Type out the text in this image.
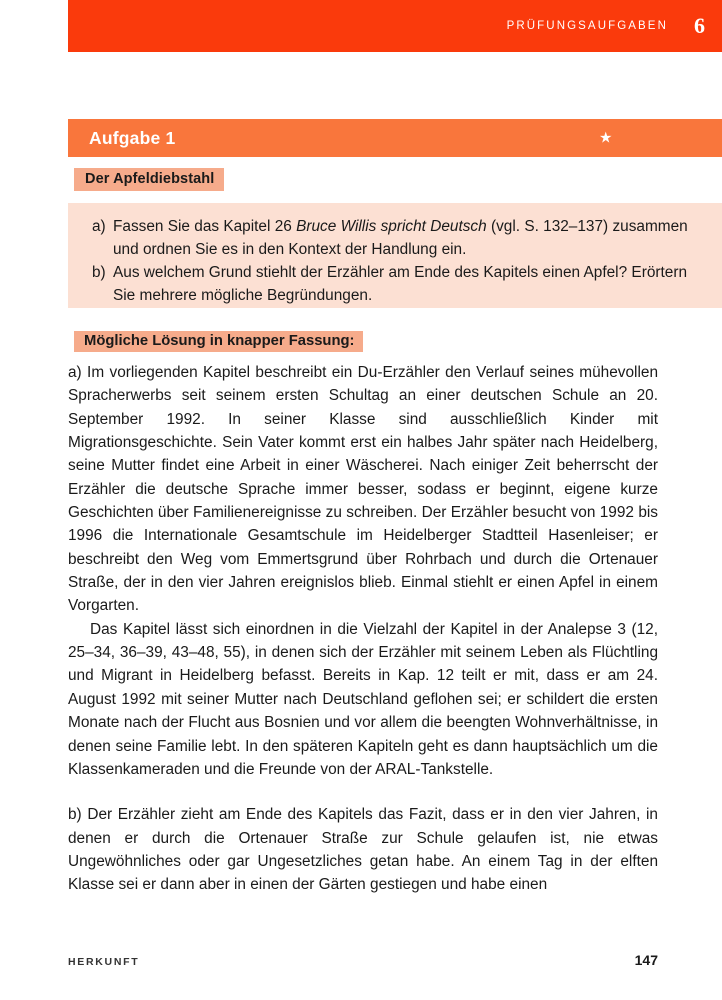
PRÜFUNGSAUFGABEN 6
Aufgabe 1	★
Der Apfeldiebstahl
a) Fassen Sie das Kapitel 26 Bruce Willis spricht Deutsch (vgl. S. 132–137) zusammen und ordnen Sie es in den Kontext der Handlung ein.
b) Aus welchem Grund stiehlt der Erzähler am Ende des Kapitels einen Apfel? Erörtern Sie mehrere mögliche Begründungen.
Mögliche Lösung in knapper Fassung:

a) Im vorliegenden Kapitel beschreibt ein Du-Erzähler den Verlauf seines mühevollen Spracherwerbs seit seinem ersten Schultag an einer deutschen Schule an 20. September 1992. In seiner Klasse sind ausschließlich Kinder mit Migrationsgeschichte. Sein Vater kommt erst ein halbes Jahr später nach Heidelberg, seine Mutter findet eine Arbeit in einer Wäscherei. Nach einiger Zeit beherrscht der Erzähler die deutsche Sprache immer besser, sodass er beginnt, eigene kurze Geschichten über Familienereignisse zu schreiben. Der Erzähler besucht von 1992 bis 1996 die Internationale Gesamtschule im Heidelberger Stadtteil Hasenleiser; er beschreibt den Weg vom Emmertsgrund über Rohrbach und durch die Ortenauer Straße, der in den vier Jahren ereignislos blieb. Einmal stiehlt er einen Apfel in einem Vorgarten.

Das Kapitel lässt sich einordnen in die Vielzahl der Kapitel in der Analepse 3 (12, 25–34, 36–39, 43–48, 55), in denen sich der Erzähler mit seinem Leben als Flüchtling und Migrant in Heidelberg befasst. Bereits in Kap. 12 teilt er mit, dass er am 24. August 1992 mit seiner Mutter nach Deutschland geflohen sei; er schildert die ersten Monate nach der Flucht aus Bosnien und vor allem die beengten Wohnverhältnisse, in denen seine Familie lebt. In den späteren Kapiteln geht es dann hauptsächlich um die Klassenkameraden und die Freunde von der ARAL-Tankstelle.

b) Der Erzähler zieht am Ende des Kapitels das Fazit, dass er in den vier Jahren, in denen er durch die Ortenauer Straße zur Schule gelaufen ist, nie etwas Ungewöhnliches oder gar Ungesetzliches getan habe. An einem Tag in der elften Klasse sei er dann aber in einen der Gärten gestiegen und habe einen

HERKUNFT	147
